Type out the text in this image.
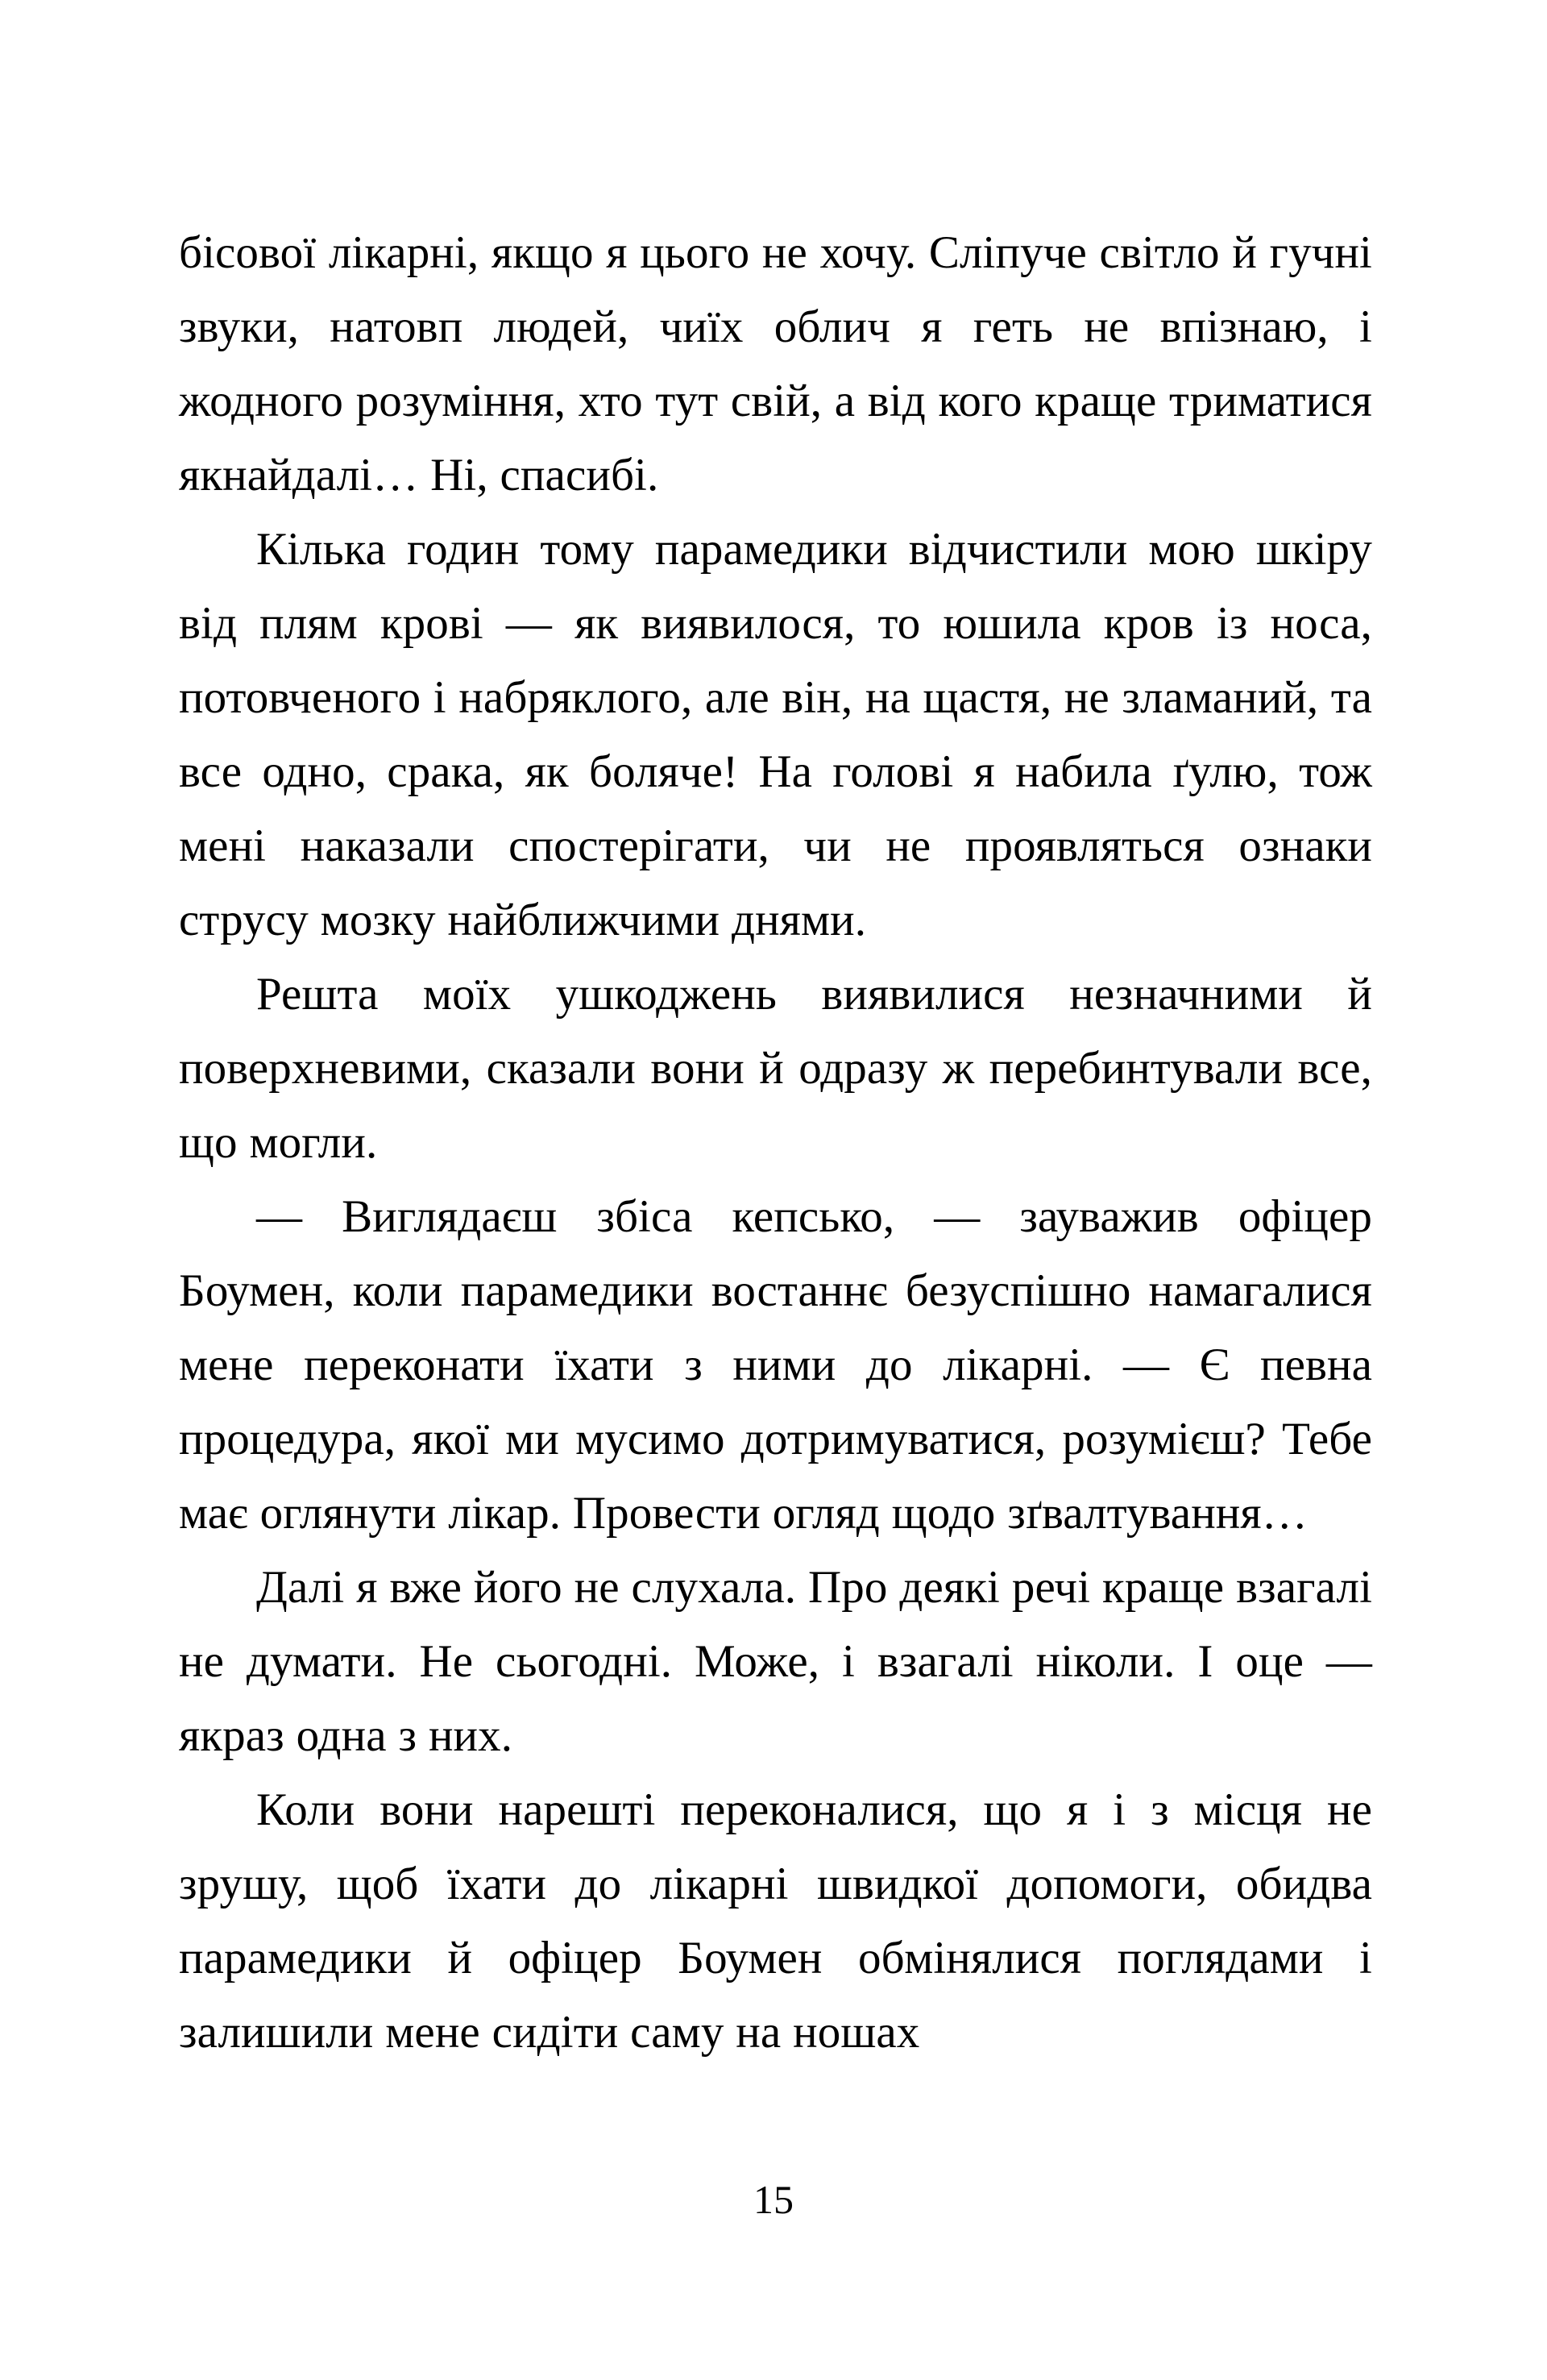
бісової лікарні, якщо я цього не хочу. Сліпуче світло й гучні звуки, натовп людей, чиїх облич я геть не впізнаю, і жодного розуміння, хто тут свій, а від кого краще триматися якнайдалі… Ні, спасибі.

Кілька годин тому парамедики відчистили мою шкіру від плям крові — як виявилося, то юшила кров із носа, потовченого і набряклого, але він, на щастя, не зламаний, та все одно, срака, як боляче! На голові я набила ґулю, тож мені наказали спостерігати, чи не проявляться ознаки струсу мозку найближчими днями.

Решта моїх ушкоджень виявилися незначними й поверхневими, сказали вони й одразу ж перебинтували все, що могли.

— Виглядаєш збіса кепсько, — зауважив офіцер Боумен, коли парамедики востаннє безуспішно намагалися мене переконати їхати з ними до лікарні. — Є певна процедура, якої ми мусимо дотримуватися, розумієш? Тебе має оглянути лікар. Провести огляд щодо зґвалтування…

Далі я вже його не слухала. Про деякі речі краще взагалі не думати. Не сьогодні. Може, і взагалі ніколи. І оце — якраз одна з них.

Коли вони нарешті переконалися, що я і з місця не зрушу, щоб їхати до лікарні швидкої допомоги, обидва парамедики й офіцер Боумен обмінялися поглядами і залишили мене сидіти саму на ношах

15
